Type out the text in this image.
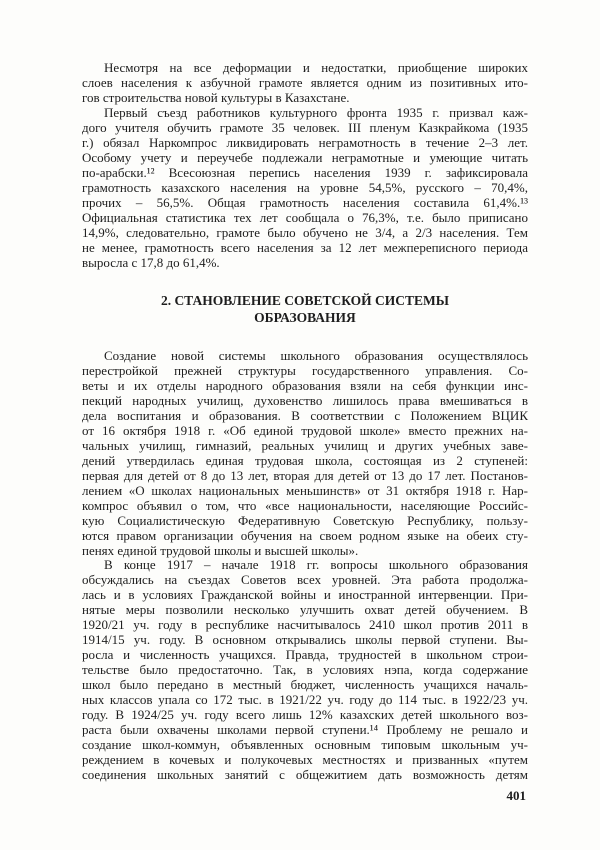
Несмотря на все деформации и недостатки, приобщение широких
слоев населения к азбучной грамоте является одним из позитивных ито-
гов строительства новой культуры в Казахстане.
Первый съезд работников культурного фронта 1935 г. призвал каж-
дого учителя обучить грамоте 35 человек. III пленум Казкрайкома (1935
г.) обязал Наркомпрос ликвидировать неграмотность в течение 2–3 лет.
Особому учету и переучебе подлежали неграмотные и умеющие читать
по-арабски.¹² Всесоюзная перепись населения 1939 г. зафиксировала
грамотность казахского населения на уровне 54,5%, русского – 70,4%,
прочих – 56,5%. Общая грамотность населения составила 61,4%.¹³
Официальная статистика тех лет сообщала о 76,3%, т.е. было приписано
14,9%, следовательно, грамоте было обучено не 3/4, а 2/3 населения. Тем
не менее, грамотность всего населения за 12 лет межпереписного периода
выросла с 17,8 до 61,4%.
2. СТАНОВЛЕНИЕ СОВЕТСКОЙ СИСТЕМЫ
ОБРАЗОВАНИЯ
Создание новой системы школьного образования осуществлялось
перестройкой прежней структуры государственного управления. Со-
веты и их отделы народного образования взяли на себя функции инс-
пекций народных училищ, духовенство лишилось права вмешиваться в
дела воспитания и образования. В соответствии с Положением ВЦИК
от 16 октября 1918 г. «Об единой трудовой школе» вместо прежних на-
чальных училищ, гимназий, реальных училищ и других учебных заве-
дений утвердилась единая трудовая школа, состоящая из 2 ступеней:
первая для детей от 8 до 13 лет, вторая для детей от 13 до 17 лет. Постанов-
лением «О школах национальных меньшинств» от 31 октября 1918 г. Нар-
компрос объявил о том, что «все национальности, населяющие Российс-
кую Социалистическую Федеративную Советскую Республику, пользу-
ются правом организации обучения на своем родном языке на обеих сту-
пенях единой трудовой школы и высшей школы».
В конце 1917 – начале 1918 гг. вопросы школьного образования
обсуждались на съездах Советов всех уровней. Эта работа продолжа-
лась и в условиях Гражданской войны и иностранной интервенции. При-
нятые меры позволили несколько улучшить охват детей обучением. В
1920/21 уч. году в республике насчитывалось 2410 школ против 2011 в
1914/15 уч. году. В основном открывались школы первой ступени. Вы-
росла и численность учащихся. Правда, трудностей в школьном строи-
тельстве было предостаточно. Так, в условиях нэпа, когда содержание
школ было передано в местный бюджет, численность учащихся началь-
ных классов упала со 172 тыс. в 1921/22 уч. году до 114 тыс. в 1922/23 уч.
году. В 1924/25 уч. году всего лишь 12% казахских детей школьного воз-
раста были охвачены школами первой ступени.¹⁴ Проблему не решало и
создание школ-коммун, объявленных основным типовым школьным уч-
реждением в кочевых и полукочевых местностях и призванных «путем
соединения школьных занятий с общежитием дать возможность детям
401
